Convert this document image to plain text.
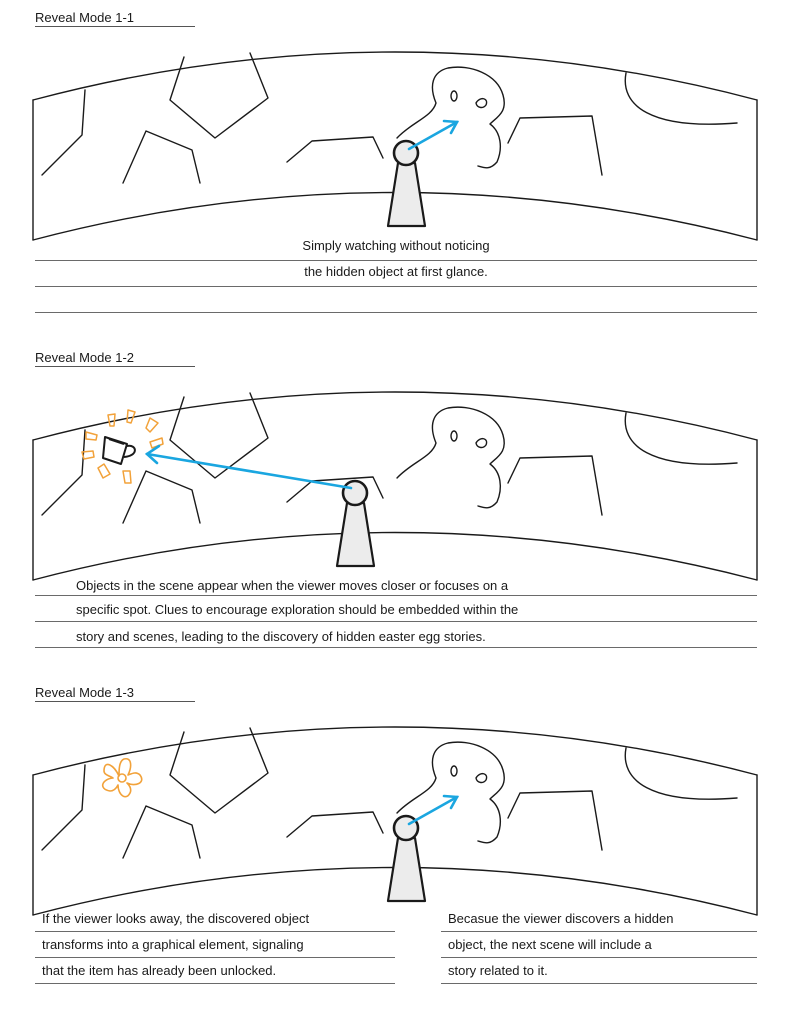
Reveal Mode 1-1
Simply watching without noticing
the hidden object at first glance.
Reveal Mode 1-2
Objects in the scene appear when the viewer moves closer or focuses on a
specific spot. Clues to encourage exploration should be embedded within the
story and scenes, leading to the discovery of hidden easter egg stories.
Reveal Mode 1-3
If the viewer looks away, the discovered object
transforms into a graphical element, signaling
that the item has already been unlocked.
Becasue the viewer discovers a hidden
object, the next scene will include a
story related to it.
